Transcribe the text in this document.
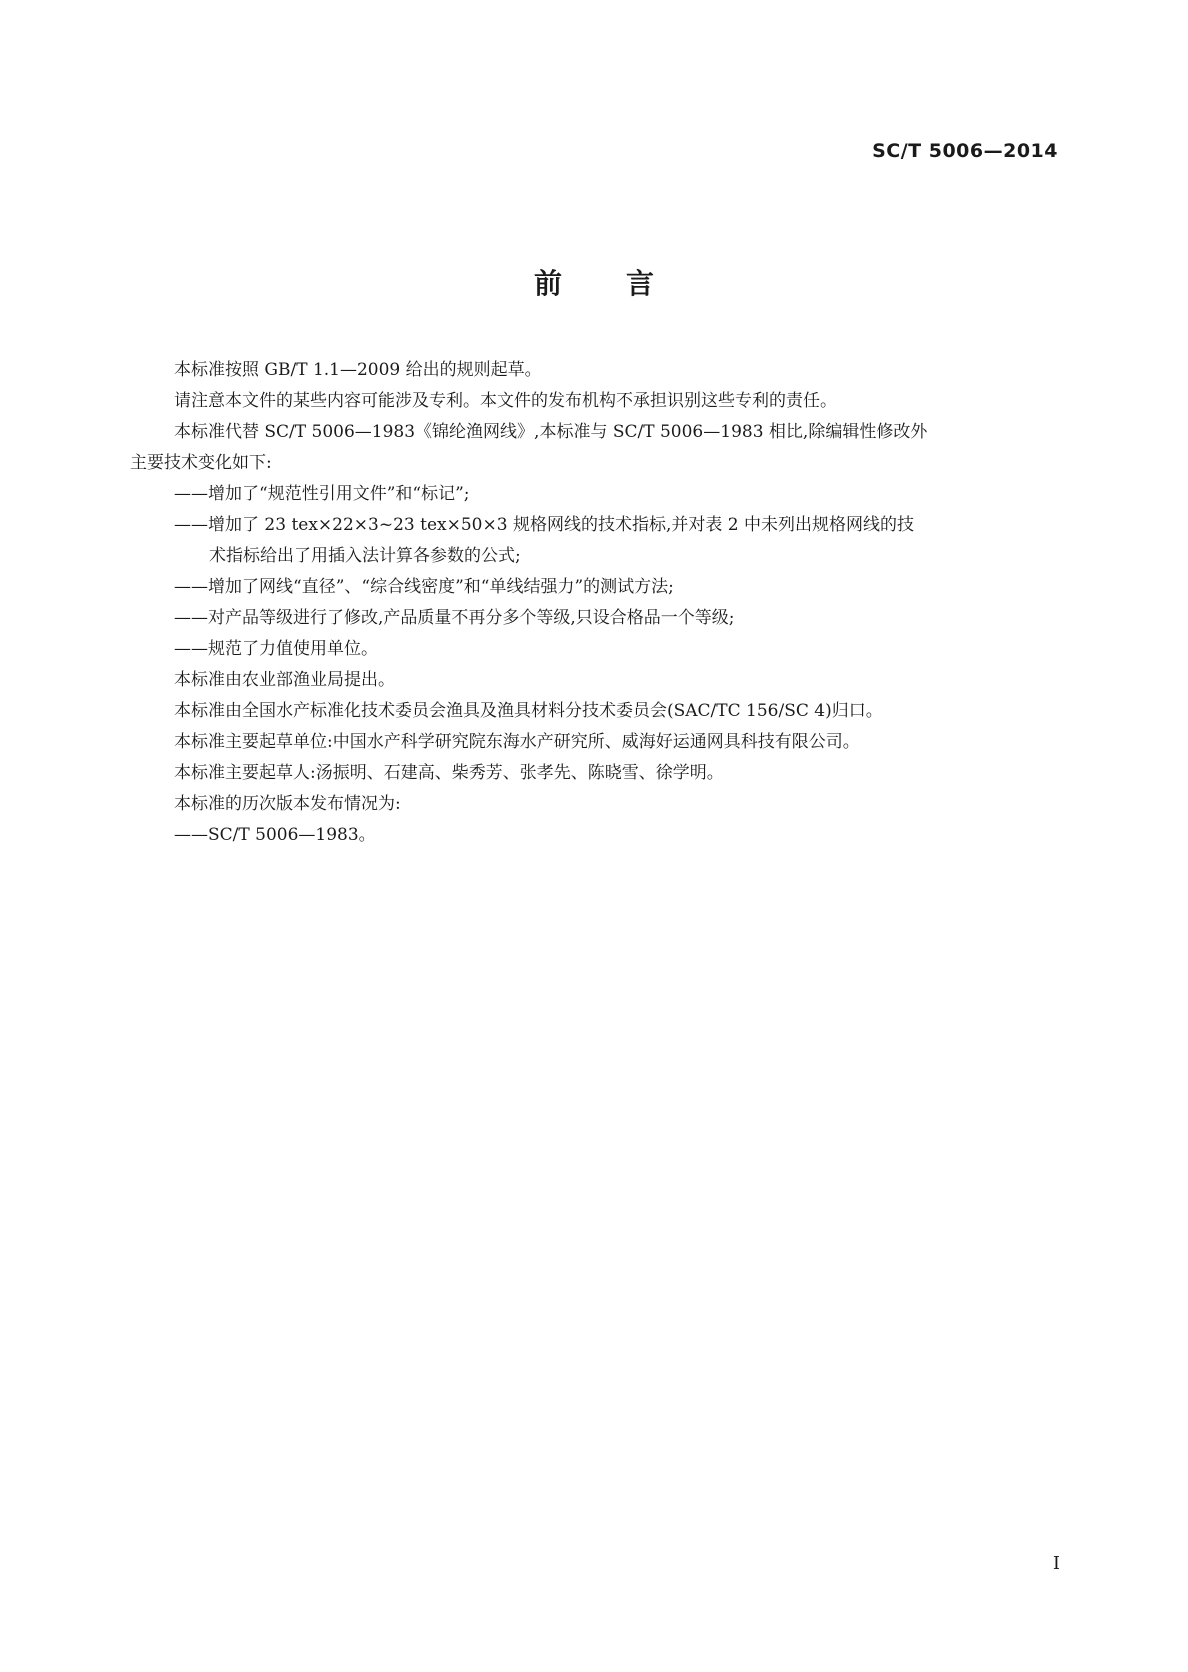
SC/T 5006—2014
前 言

本标准按照 GB/T 1.1—2009 给出的规则起草。

请注意本文件的某些内容可能涉及专利。本文件的发布机构不承担识别这些专利的责任。

本标准代替 SC/T 5006—1983《锦纶渔网线》,本标准与 SC/T 5006—1983 相比,除编辑性修改外

主要技术变化如下:

——增加了“规范性引用文件”和“标记”;

——增加了 23 tex×22×3~23 tex×50×3 规格网线的技术指标,并对表 2 中未列出规格网线的技

术指标给出了用插入法计算各参数的公式;

——增加了网线“直径”、“综合线密度”和“单线结强力”的测试方法;

——对产品等级进行了修改,产品质量不再分多个等级,只设合格品一个等级;

——规范了力值使用单位。

本标准由农业部渔业局提出。

本标准由全国水产标准化技术委员会渔具及渔具材料分技术委员会(SAC/TC 156/SC 4)归口。

本标准主要起草单位:中国水产科学研究院东海水产研究所、威海好运通网具科技有限公司。

本标准主要起草人:汤振明、石建高、柴秀芳、张孝先、陈晓雪、徐学明。

本标准的历次版本发布情况为:

——SC/T 5006—1983。

I
